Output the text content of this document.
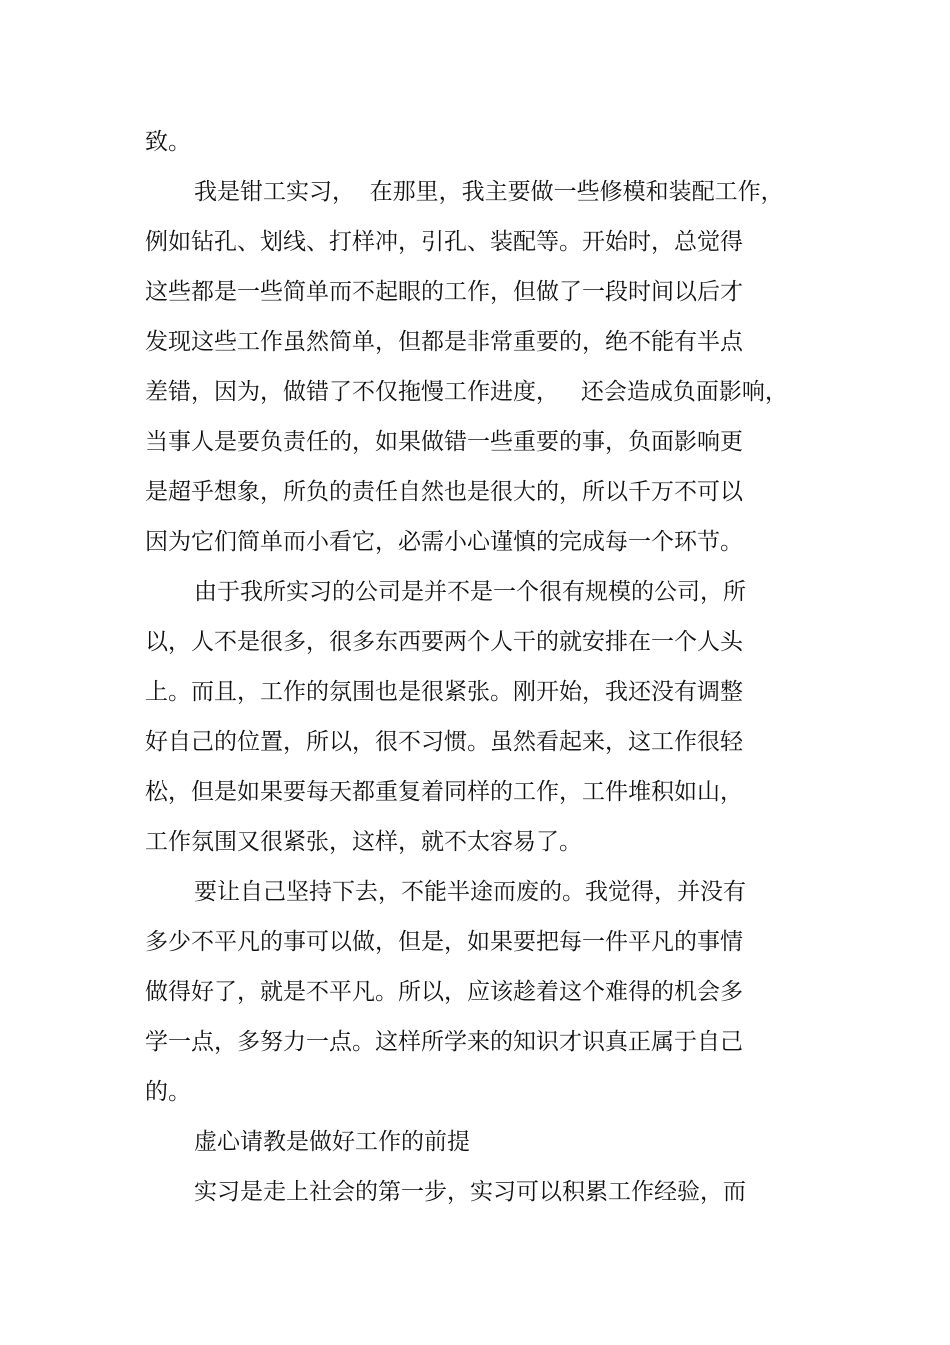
致。

我是钳工实习，  在那里，我主要做一些修模和装配工作，

例如钻孔、划线、打样冲，引孔、装配等。开始时，总觉得

这些都是一些简单而不起眼的工作，但做了一段时间以后才

发现这些工作虽然简单，但都是非常重要的，绝不能有半点

差错，因为，做错了不仅拖慢工作进度，   还会造成负面影响，

当事人是要负责任的，如果做错一些重要的事，负面影响更

是超乎想象，所负的责任自然也是很大的，所以千万不可以

因为它们简单而小看它，必需小心谨慎的完成每一个环节。

由于我所实习的公司是并不是一个很有规模的公司，所

以，人不是很多，很多东西要两个人干的就安排在一个人头

上。而且，工作的氛围也是很紧张。刚开始，我还没有调整

好自己的位置，所以，很不习惯。虽然看起来，这工作很轻

松，但是如果要每天都重复着同样的工作，工件堆积如山，

工作氛围又很紧张，这样，就不太容易了。

要让自己坚持下去，不能半途而废的。我觉得，并没有

多少不平凡的事可以做，但是，如果要把每一件平凡的事情

做得好了，就是不平凡。所以，应该趁着这个难得的机会多

学一点，多努力一点。这样所学来的知识才识真正属于自己

的。

虚心请教是做好工作的前提

实习是走上社会的第一步，实习可以积累工作经验，而
